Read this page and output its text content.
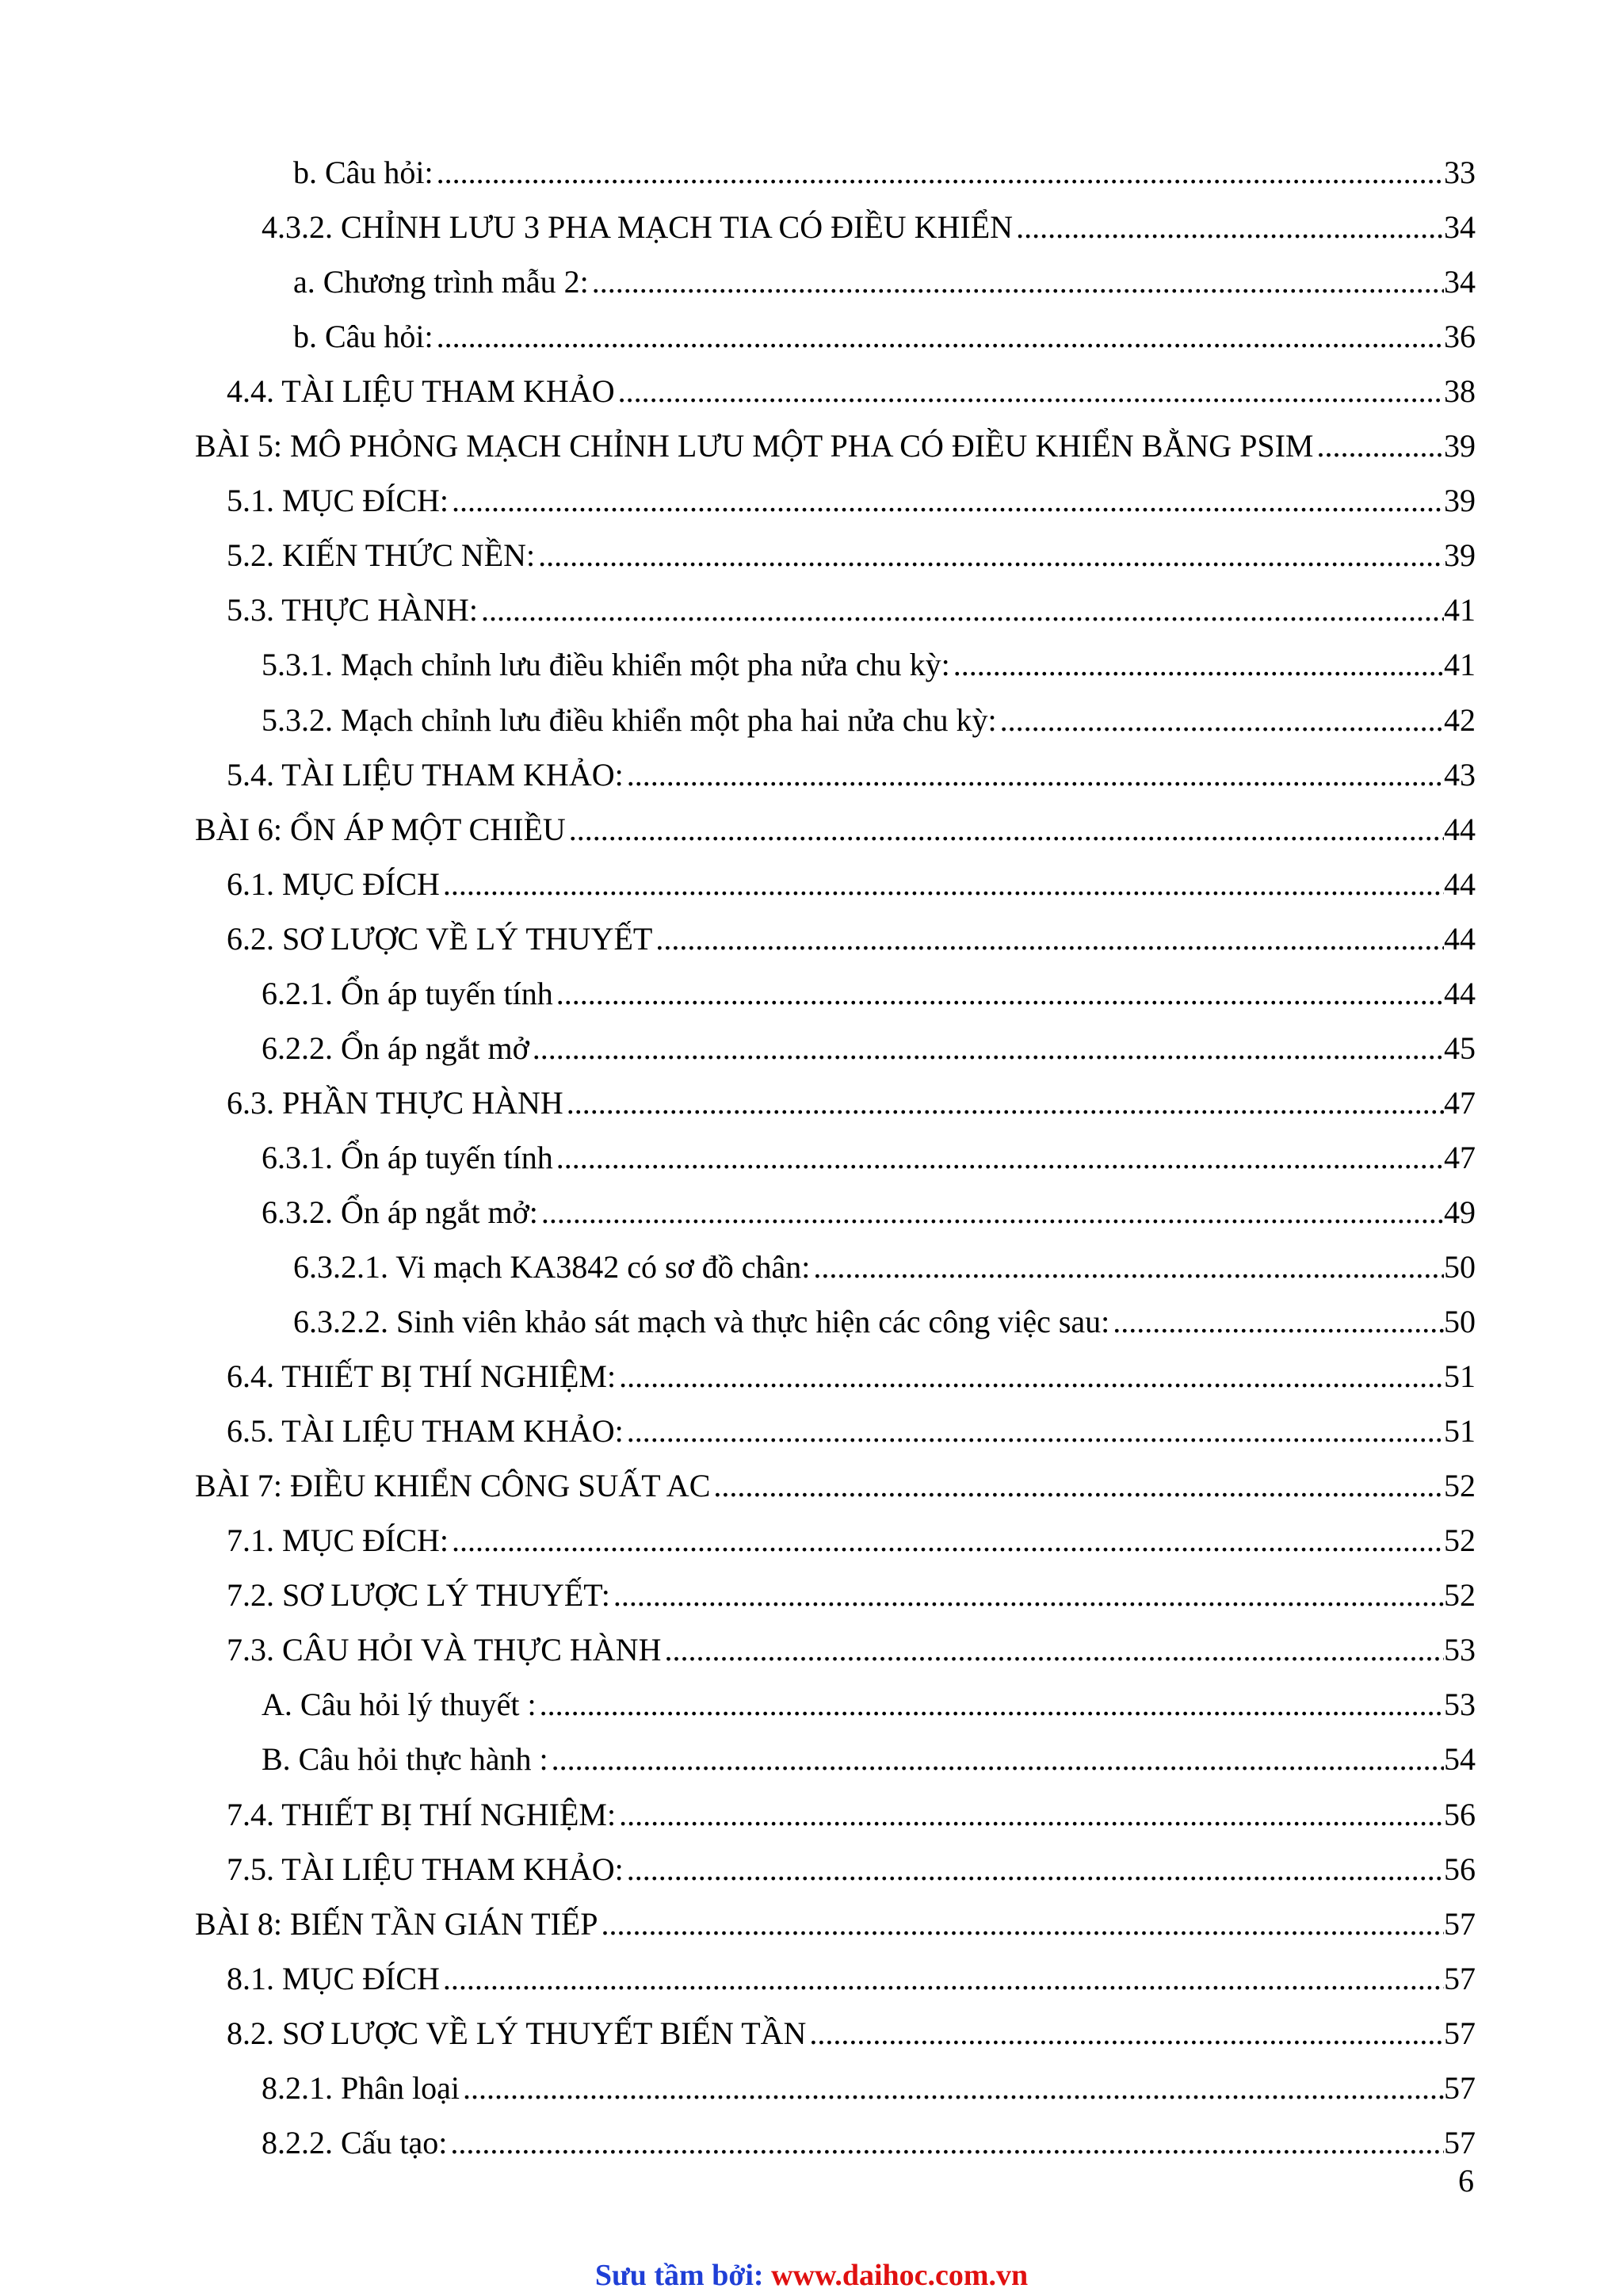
b. Câu hỏi: .....	33
4.3.2. CHỈNH LƯU 3 PHA MẠCH TIA CÓ ĐIỀU KHIỂN .....	34
a. Chương trình mẫu 2: .....	34
b. Câu hỏi: .....	36
4.4. TÀI LIỆU THAM KHẢO .....	38
BÀI 5: MÔ PHỎNG MẠCH CHỈNH LƯU MỘT PHA CÓ ĐIỀU KHIỂN BẰNG PSIM .....	39
5.1. MỤC ĐÍCH: .....	39
5.2. KIẾN THỨC NỀN: .....	39
5.3. THỰC HÀNH: .....	41
5.3.1. Mạch chỉnh lưu điều khiển một pha nửa chu kỳ: .....	41
5.3.2. Mạch chỉnh lưu điều khiển một pha hai nửa chu kỳ: .....	42
5.4. TÀI LIỆU THAM KHẢO: .....	43
BÀI 6: ỔN ÁP MỘT CHIỀU .....	44
6.1. MỤC ĐÍCH .....	44
6.2. SƠ LƯỢC VỀ LÝ THUYẾT .....	44
6.2.1. Ổn áp tuyến tính .....	44
6.2.2. Ổn áp ngắt mở .....	45
6.3. PHẦN THỰC HÀNH .....	47
6.3.1. Ổn áp tuyến tính .....	47
6.3.2. Ổn áp ngắt mở: .....	49
6.3.2.1. Vi mạch KA3842 có sơ đồ chân: .....	50
6.3.2.2. Sinh viên khảo sát mạch và thực hiện các công việc sau: .....	50
6.4. THIẾT BỊ THÍ NGHIỆM: .....	51
6.5. TÀI LIỆU THAM KHẢO: .....	51
BÀI 7: ĐIỀU KHIỂN CÔNG SUẤT AC .....	52
7.1. MỤC ĐÍCH: .....	52
7.2. SƠ LƯỢC LÝ THUYẾT: .....	52
7.3. CÂU HỎI VÀ THỰC HÀNH .....	53
A. Câu hỏi lý thuyết : .....	53
B. Câu hỏi thực hành : .....	54
7.4. THIẾT BỊ THÍ NGHIỆM: .....	56
7.5. TÀI LIỆU THAM KHẢO: .....	56
BÀI 8: BIẾN TẦN GIÁN TIẾP .....	57
8.1. MỤC ĐÍCH .....	57
8.2. SƠ LƯỢC VỀ LÝ THUYẾT BIẾN TẦN .....	57
8.2.1. Phân loại .....	57
8.2.2. Cấu tạo: .....	57
6
Sưu tầm bởi: www.daihoc.com.vn
